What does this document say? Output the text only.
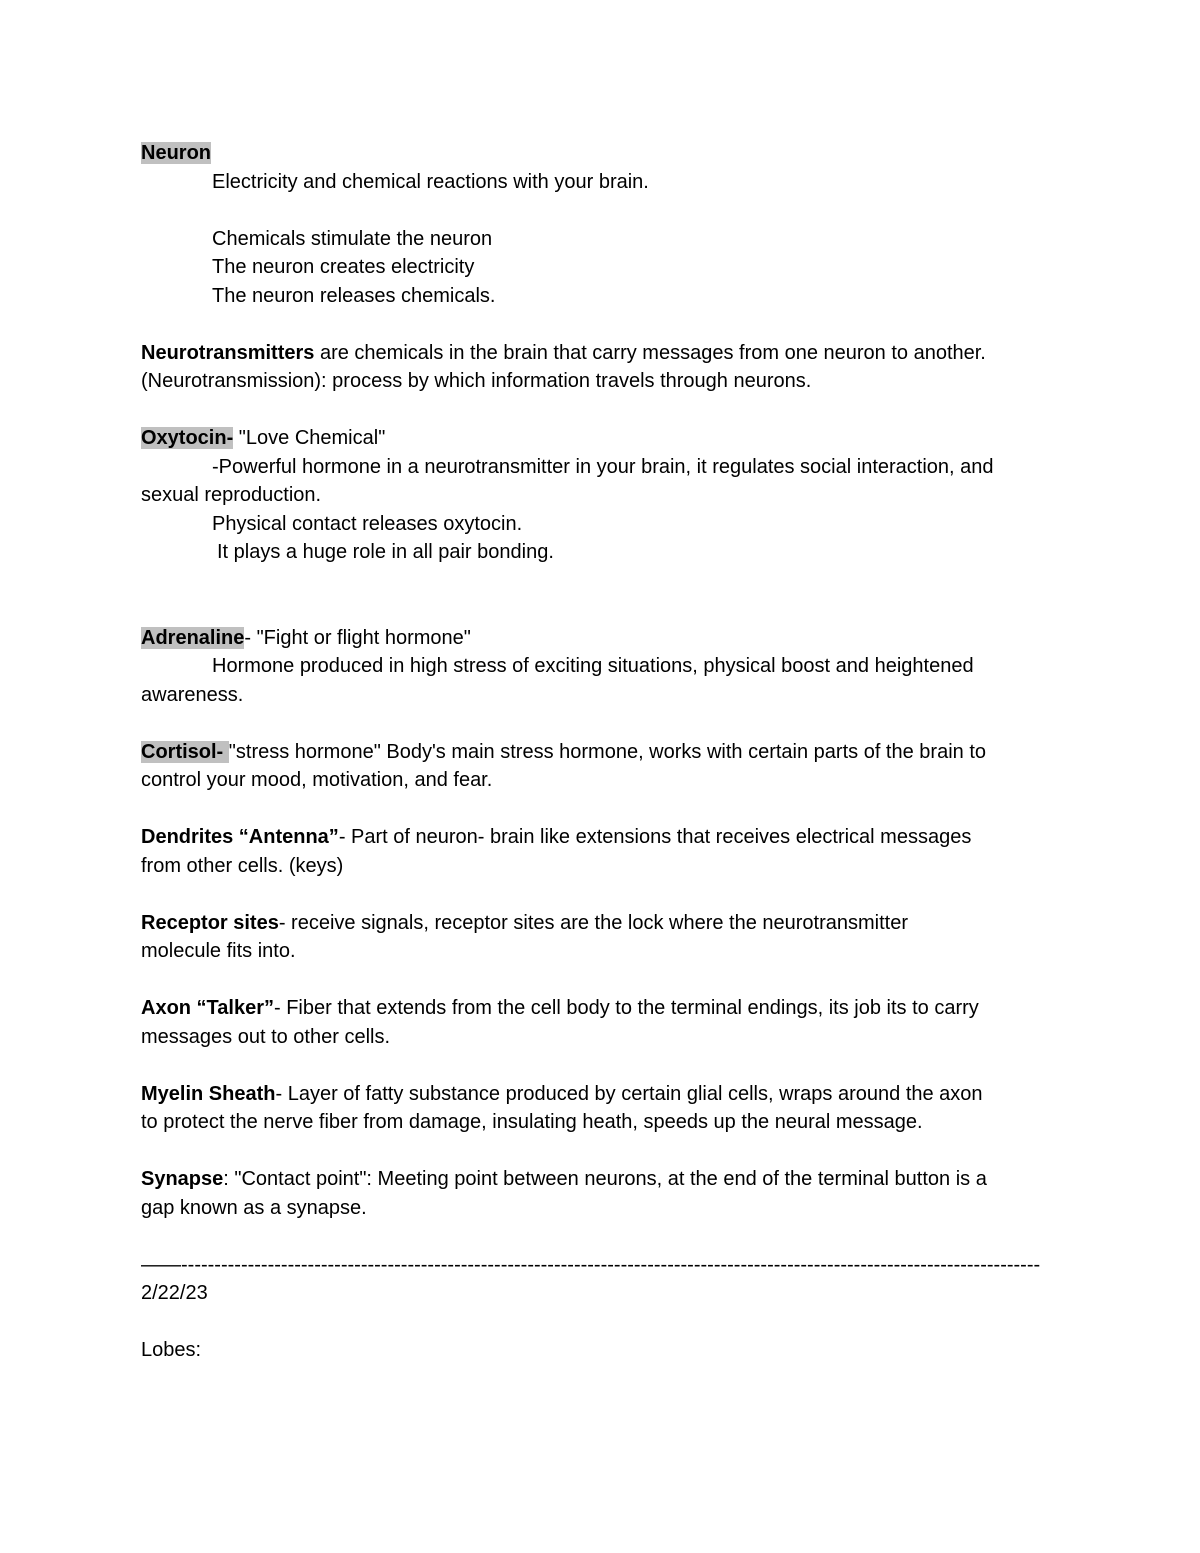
Neuron
Electricity and chemical reactions with your brain.
Chemicals stimulate the neuron
The neuron creates electricity
The neuron releases chemicals.
Neurotransmitters are chemicals in the brain that carry messages from one neuron to another.
(Neurotransmission): process by which information travels through neurons.
Oxytocin- "Love Chemical"
-Powerful hormone in a neurotransmitter in your brain, it regulates social interaction, and
sexual reproduction.
Physical contact releases oxytocin.
It plays a huge role in all pair bonding.
Adrenaline- "Fight or flight hormone"
Hormone produced in high stress of exciting situations, physical boost and heightened
awareness.
Cortisol- "stress hormone" Body's main stress hormone, works with certain parts of the brain to
control your mood, motivation, and fear.
Dendrites “Antenna”- Part of neuron- brain like extensions that receives electrical messages
from other cells. (keys)
Receptor sites- receive signals, receptor sites are the lock where the neurotransmitter
molecule fits into.
Axon “Talker”- Fiber that extends from the cell body to the terminal endings, its job its to carry
messages out to other cells.
Myelin Sheath- Layer of fatty substance produced by certain glial cells, wraps around the axon
to protect the nerve fiber from damage, insulating heath, speeds up the neural message.
Synapse: "Contact point": Meeting point between neurons, at the end of the terminal button is a
gap known as a synapse.
——---------------------------------------------------------------------------------------------------------------------------------
2/22/23
Lobes:
